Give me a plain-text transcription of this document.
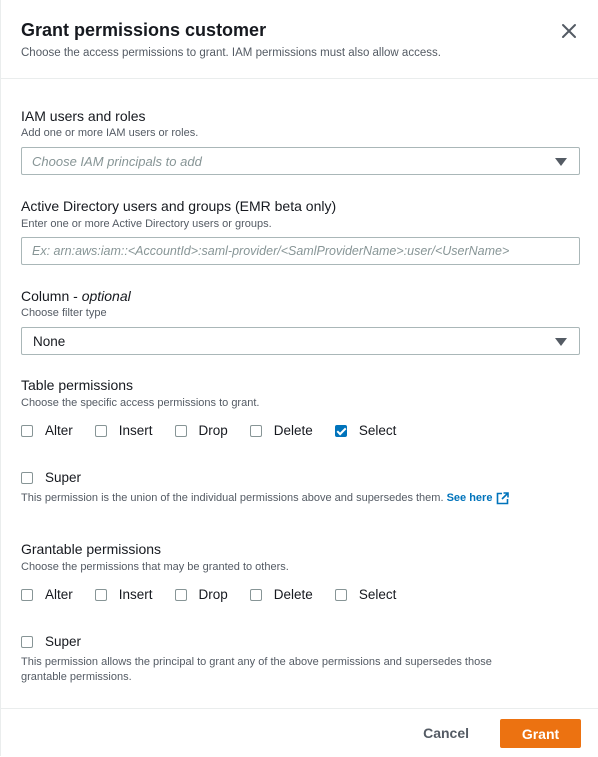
Grant permissions customer
Choose the access permissions to grant. IAM permissions must also allow access.
IAM users and roles
Add one or more IAM users or roles.
Choose IAM principals to add
Active Directory users and groups (EMR beta only)
Enter one or more Active Directory users or groups.
Ex: arn:aws:iam::<AccountId>:saml-provider/<SamlProviderName>:user/<UserName>
Column - optional
Choose filter type
None
Table permissions
Choose the specific access permissions to grant.
Alter	Insert	Drop	Delete	Select
Super
This permission is the union of the individual permissions above and supersedes them. See here
Grantable permissions
Choose the permissions that may be granted to others.
Alter	Insert	Drop	Delete	Select
Super
This permission allows the principal to grant any of the above permissions and supersedes those
grantable permissions.
Cancel	Grant
